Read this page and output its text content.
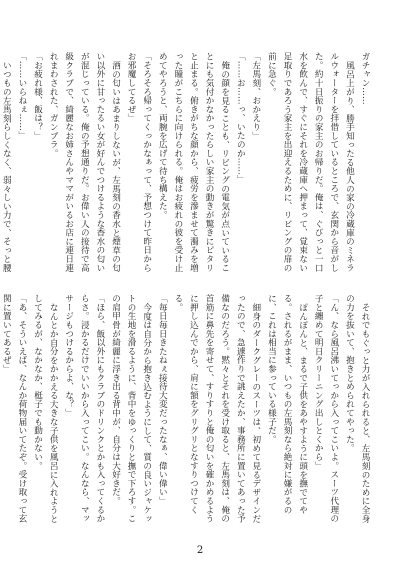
ガチャン……

風呂上がり、勝手知ったる他人の家の冷蔵庫のミネラルウォーターを拝借しているところで、玄関から音がした。約十日振りの家主のお帰りだ。俺は、ぐびっと一口水を飲んで、すぐにそれを冷蔵庫へ押まって、覚束ない足取りであろう家主を出迎えるために、リビングの扉の前に急ぐ。

「左馬刻、おかえり」

「……お……っ、いたのか……」

俺の顔を見ることも、リビングの電気が点いていることにも気付かなかったらしい家主の動きが驚きにピタリと止まる。俯きがちな顔から、疲労を滲ませて濁みを増った瞳がこちらに向けられる。俺はお疲れの彼を受け止めてやろうと、両腕を広げて待ち構えた。

「そろそろ帰ってくっかなぁって、予想つけて昨日からお邪魔してるぜ」

酒の匂いはあまりしないが、左馬刻の香水と煙草の匂い以外に甘ったるい女が好んでつけるような香水の匂いが混じっている。俺の予想通りだ。お偉い人の接待で高級クラブで、綺麗なお姉さんやママがいるお店に連日連れまわされた、ガンブラ。

「お疲れ様、飯は？」

「……いらねぇ……」

いつもの左馬刻らしくなく、弱々しい力で、そっと腰

それでもぐっと力が入れられると、左馬刻のために全身の力を抜いて、抱きとめられてやった。

「ん、なら風呂沸いてっから入ってこいよ。スーツ代理の子と纏めて明日クリーニング出しとくから」

ぽんぽんと、まるで子供をあやすように頭を撫でてやる。されるがまま、いつもの左馬刻なら絶対に嫌がるのに、これは相当に参っている様子だ。

細身のダークグレーのスーツは、初めて見るデザインだったので、急遽作りで誂えたか、事務所に置いてあった予備なのだろう。黙々とそれを受け取ると、左馬刻は、俺の首筋に鼻先を寄せて、すりすりと俺の匂いを確かめるように押し込んでから、肩に額をグリグリとなすりつけてくる。

「毎日毎日きたねぇ接待大変だったなぁ、偉い偉い」

今度は自分から抱き込むようにして、質の良いジャケットの生地を滑るように、背中をゆっくりと撫で下ろす。この肩甲骨が綺麗に浮き出る背中が、自分は大好きだ。

「ほら、飯以外にもクラブのドリンクとかも入ってくるからさ。浸かるだけでいいから入ってこい。なんなら、マッサージもつけるからよ、な？」

なんとか自分をかかえる大きな子供を風呂に入れようとしてみるが、なかなか、梃子でも動かない。

「あ、そういえば、なんか荷物届いてたぞ。受け取って玄関に置いてあるぜ」

2
